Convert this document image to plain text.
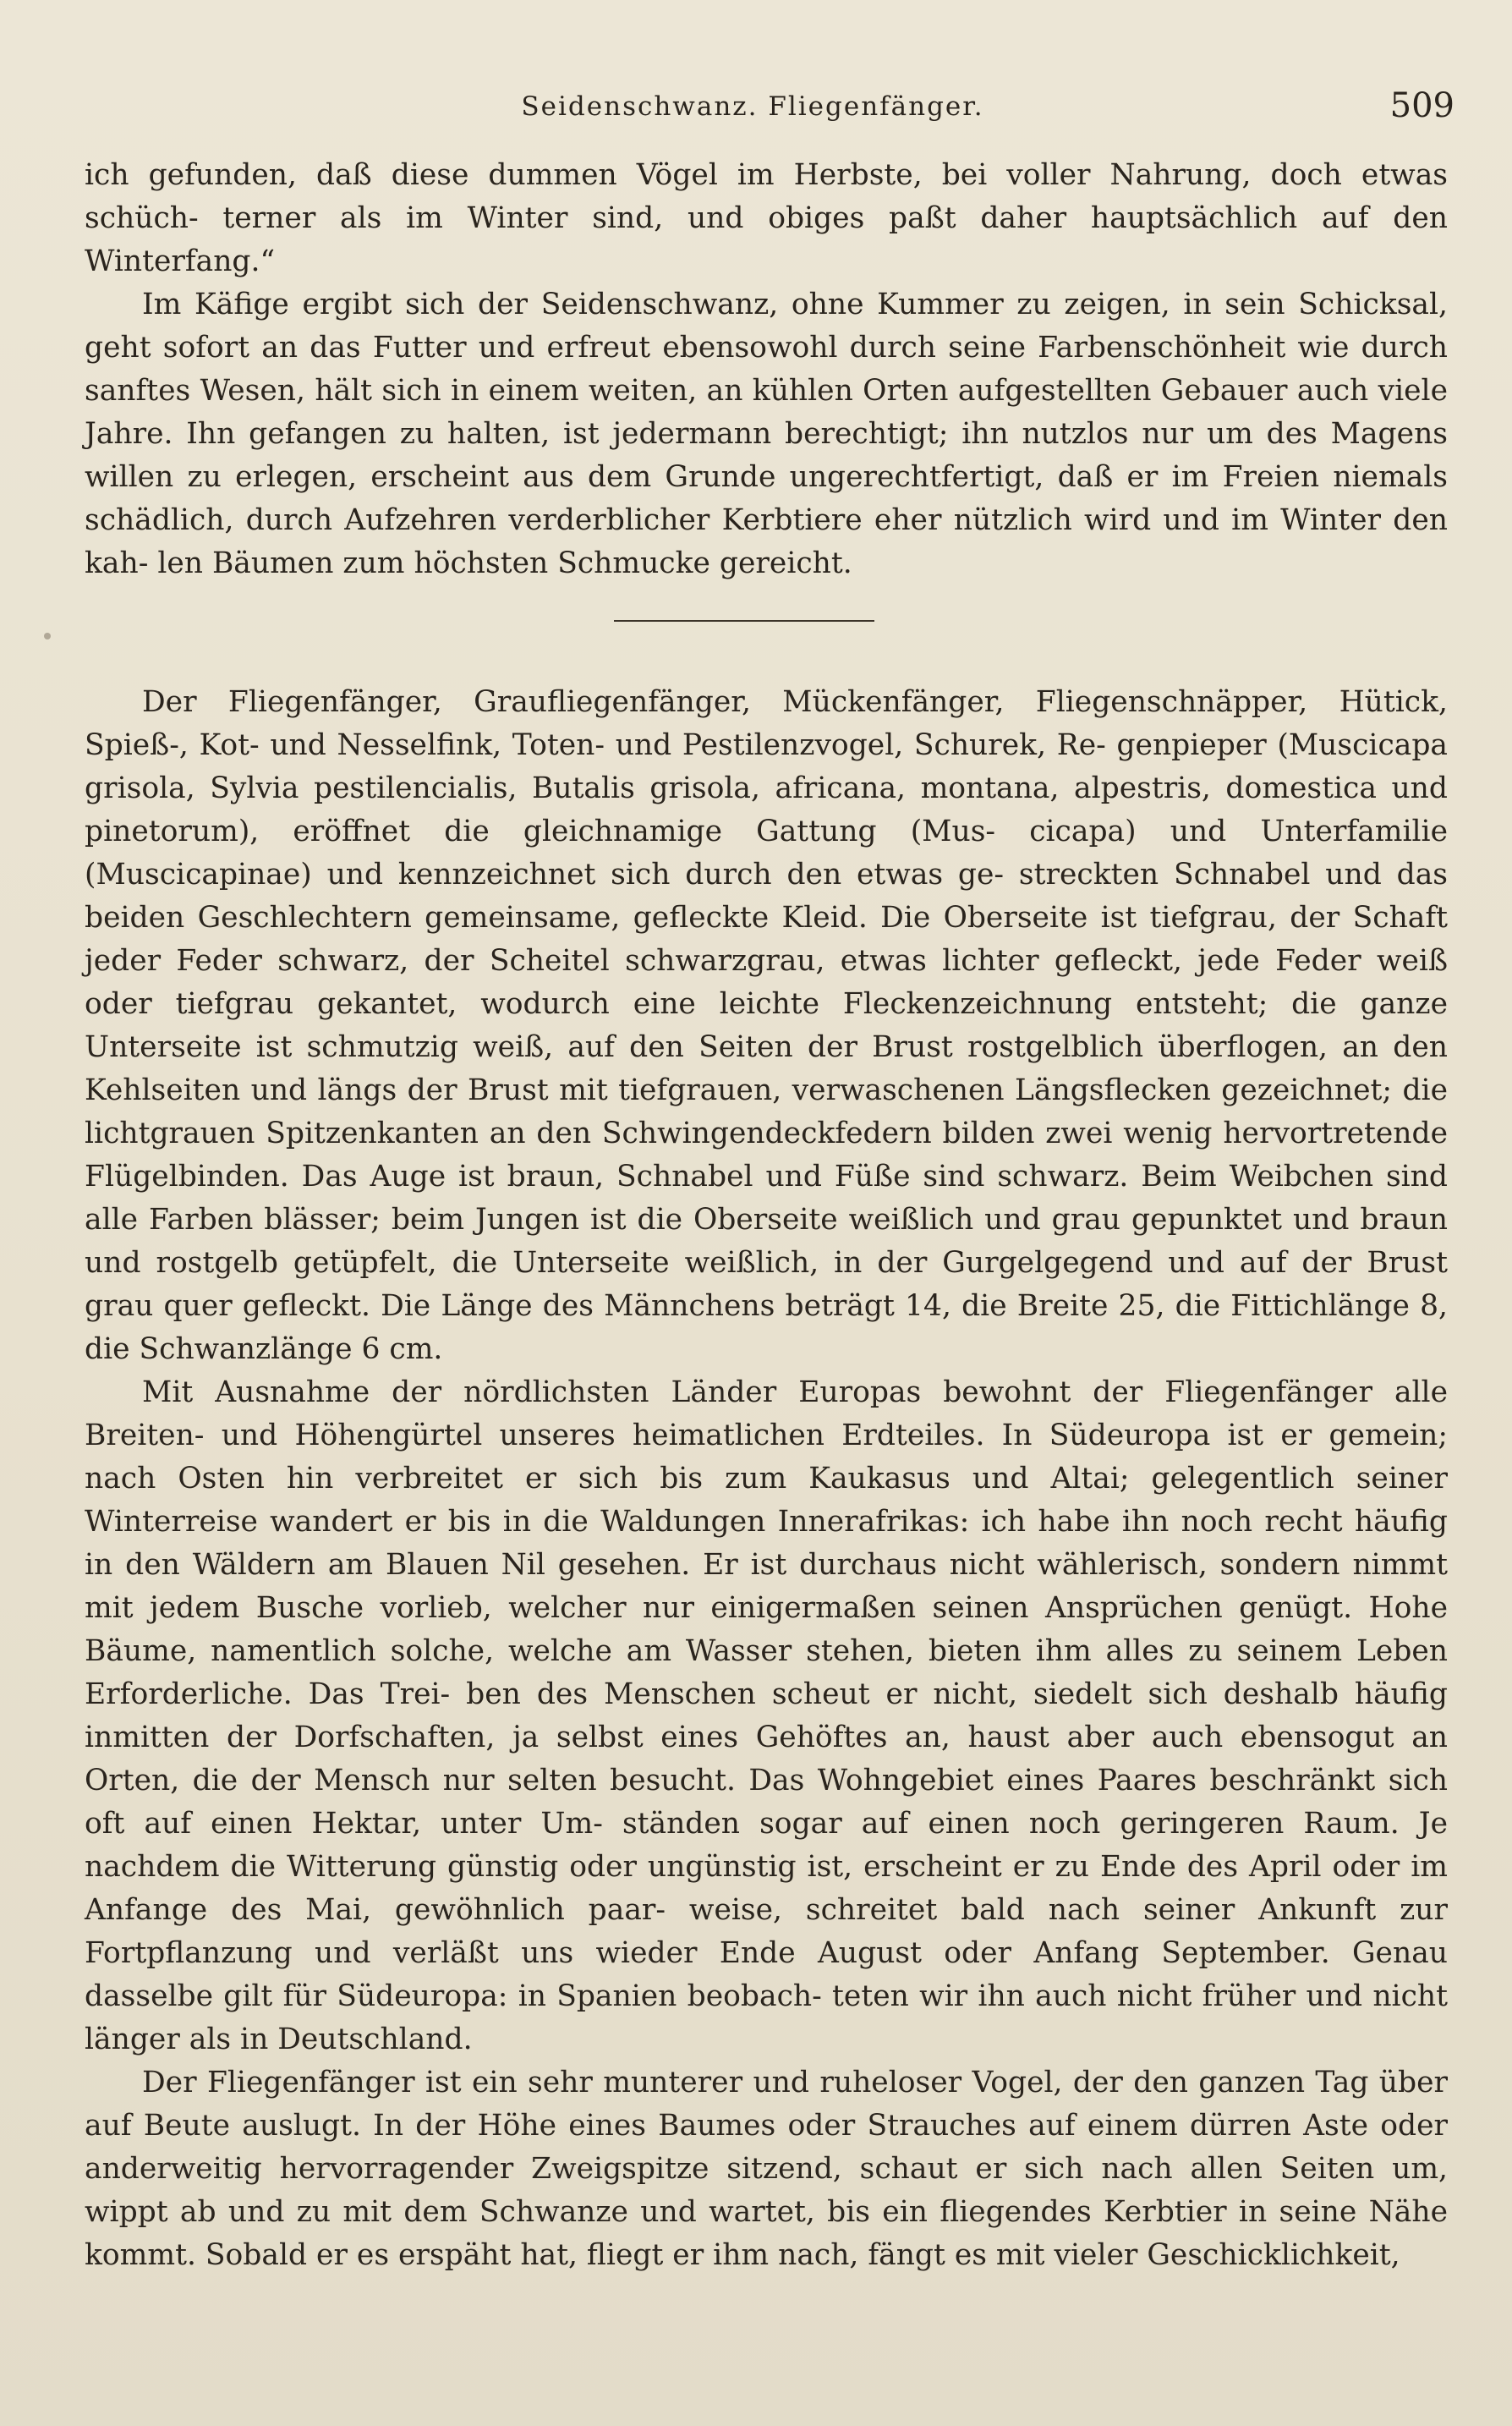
Seidenschwanz. Fliegenfänger.	509

ich gefunden, daß diese dummen Vögel im Herbste, bei voller Nahrung, doch etwas schüch- terner als im Winter sind, und obiges paßt daher hauptsächlich auf den Winterfang.“

Im Käfige ergibt sich der Seidenschwanz, ohne Kummer zu zeigen, in sein Schicksal, geht sofort an das Futter und erfreut ebensowohl durch seine Farbenschönheit wie durch sanftes Wesen, hält sich in einem weiten, an kühlen Orten aufgestellten Gebauer auch viele Jahre. Ihn gefangen zu halten, ist jedermann berechtigt; ihn nutzlos nur um des Magens willen zu erlegen, erscheint aus dem Grunde ungerechtfertigt, daß er im Freien niemals schädlich, durch Aufzehren verderblicher Kerbtiere eher nützlich wird und im Winter den kah- len Bäumen zum höchsten Schmucke gereicht.

Der Fliegenfänger, Graufliegenfänger, Mückenfänger, Fliegenschnäpper, Hütick, Spieß-, Kot- und Nesselfink, Toten- und Pestilenzvogel, Schurek, Re- genpieper (Muscicapa grisola, Sylvia pestilencialis, Butalis grisola, africana, montana, alpestris, domestica und pinetorum), eröffnet die gleichnamige Gattung (Mus- cicapa) und Unterfamilie (Muscicapinae) und kennzeichnet sich durch den etwas ge- streckten Schnabel und das beiden Geschlechtern gemeinsame, gefleckte Kleid. Die Oberseite ist tiefgrau, der Schaft jeder Feder schwarz, der Scheitel schwarzgrau, etwas lichter gefleckt, jede Feder weiß oder tiefgrau gekantet, wodurch eine leichte Fleckenzeichnung entsteht; die ganze Unterseite ist schmutzig weiß, auf den Seiten der Brust rostgelblich überflogen, an den Kehlseiten und längs der Brust mit tiefgrauen, verwaschenen Längsflecken gezeichnet; die lichtgrauen Spitzenkanten an den Schwingendeckfedern bilden zwei wenig hervortretende Flügelbinden. Das Auge ist braun, Schnabel und Füße sind schwarz. Beim Weibchen sind alle Farben blässer; beim Jungen ist die Oberseite weißlich und grau gepunktet und braun und rostgelb getüpfelt, die Unterseite weißlich, in der Gurgelgegend und auf der Brust grau quer gefleckt. Die Länge des Männchens beträgt 14, die Breite 25, die Fittichlänge 8, die Schwanzlänge 6 cm.

Mit Ausnahme der nördlichsten Länder Europas bewohnt der Fliegenfänger alle Breiten- und Höhengürtel unseres heimatlichen Erdteiles. In Südeuropa ist er gemein; nach Osten hin verbreitet er sich bis zum Kaukasus und Altai; gelegentlich seiner Winterreise wandert er bis in die Waldungen Innerafrikas: ich habe ihn noch recht häufig in den Wäldern am Blauen Nil gesehen. Er ist durchaus nicht wählerisch, sondern nimmt mit jedem Busche vorlieb, welcher nur einigermaßen seinen Ansprüchen genügt. Hohe Bäume, namentlich solche, welche am Wasser stehen, bieten ihm alles zu seinem Leben Erforderliche. Das Trei- ben des Menschen scheut er nicht, siedelt sich deshalb häufig inmitten der Dorfschaften, ja selbst eines Gehöftes an, haust aber auch ebensogut an Orten, die der Mensch nur selten besucht. Das Wohngebiet eines Paares beschränkt sich oft auf einen Hektar, unter Um- ständen sogar auf einen noch geringeren Raum. Je nachdem die Witterung günstig oder ungünstig ist, erscheint er zu Ende des April oder im Anfange des Mai, gewöhnlich paar- weise, schreitet bald nach seiner Ankunft zur Fortpflanzung und verläßt uns wieder Ende August oder Anfang September. Genau dasselbe gilt für Südeuropa: in Spanien beobach- teten wir ihn auch nicht früher und nicht länger als in Deutschland.

Der Fliegenfänger ist ein sehr munterer und ruheloser Vogel, der den ganzen Tag über auf Beute auslugt. In der Höhe eines Baumes oder Strauches auf einem dürren Aste oder anderweitig hervorragender Zweigspitze sitzend, schaut er sich nach allen Seiten um, wippt ab und zu mit dem Schwanze und wartet, bis ein fliegendes Kerbtier in seine Nähe kommt. Sobald er es erspäht hat, fliegt er ihm nach, fängt es mit vieler Geschicklichkeit,
